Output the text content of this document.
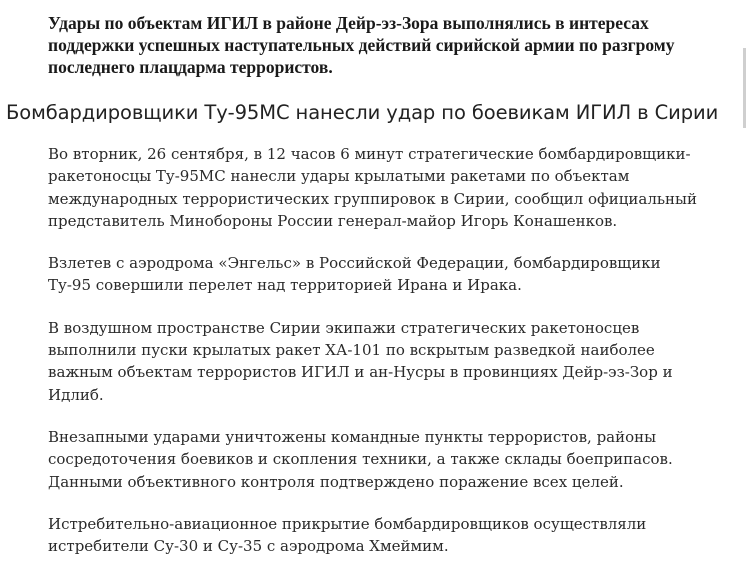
Удары по объектам ИГИЛ в районе Дейр-эз-Зора выполнялись в интересах поддержки успешных наступательных действий сирийской армии по разгрому последнего плацдарма террористов.

Бомбардировщики Ту-95МС нанесли удар по боевикам ИГИЛ в Сирии

Во вторник, 26 сентября, в 12 часов 6 минут стратегические бомбардировщики-ракетоносцы Ту-95МС нанесли удары крылатыми ракетами по объектам международных террористических группировок в Сирии, сообщил официальный представитель Минобороны России генерал-майор Игорь Конашенков.

Взлетев с аэродрома «Энгельс» в Российской Федерации, бомбардировщики Ту-95 совершили перелет над территорией Ирана и Ирака.

В воздушном пространстве Сирии экипажи стратегических ракетоносцев выполнили пуски крылатых ракет ХА-101 по вскрытым разведкой наиболее важным объектам террористов ИГИЛ и ан-Нусры в провинциях Дейр-эз-Зор и Идлиб.

Внезапными ударами уничтожены командные пункты террористов, районы сосредоточения боевиков и скопления техники, а также склады боеприпасов. Данными объективного контроля подтверждено поражение всех целей.

Истребительно-авиационное прикрытие бомбардировщиков осуществляли истребители Су-30 и Су-35 с аэродрома Хмеймим.
